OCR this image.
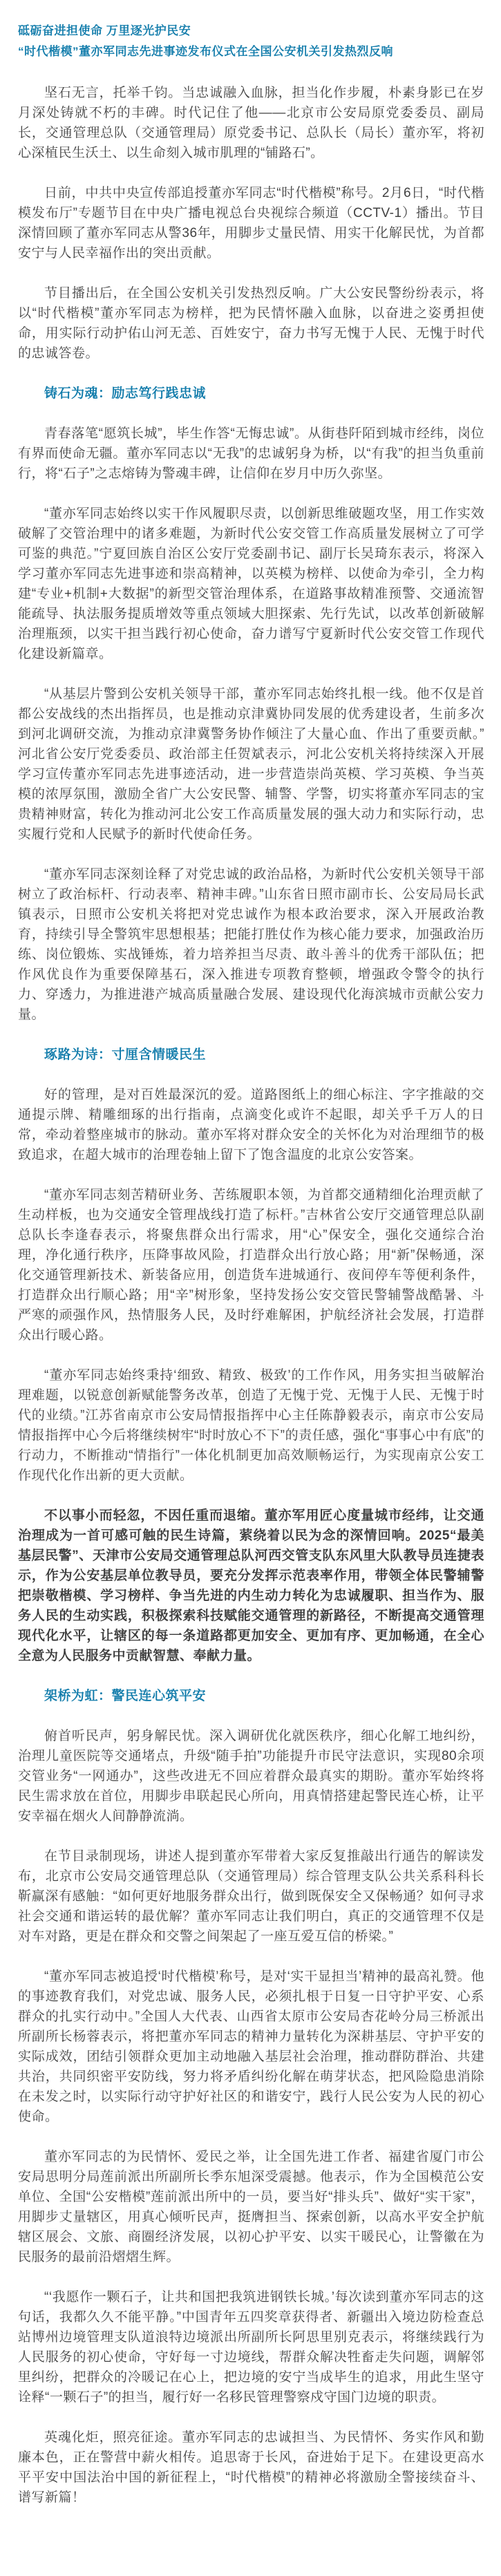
砥砺奋进担使命 万里逐光护民安
“时代楷模”董亦军同志先进事迹发布仪式在全国公安机关引发热烈反响

坚石无言，托举千钧。当忠诚融入血脉，担当化作步履，朴素身影已在岁月深处铸就不朽的丰碑。时代记住了他——北京市公安局原党委委员、副局长，交通管理总队（交通管理局）原党委书记、总队长（局长）董亦军，将初心深植民生沃土、以生命刻入城市肌理的“铺路石”。

日前，中共中央宣传部追授董亦军同志“时代楷模”称号。2月6日，“时代楷模发布厅”专题节目在中央广播电视总台央视综合频道（CCTV-1）播出。节目深情回顾了董亦军同志从警36年，用脚步丈量民情、用实干化解民忧，为首都安宁与人民幸福作出的突出贡献。

节目播出后，在全国公安机关引发热烈反响。广大公安民警纷纷表示，将以“时代楷模”董亦军同志为榜样，把为民情怀融入血脉，以奋进之姿勇担使命，用实际行动护佑山河无恙、百姓安宁，奋力书写无愧于人民、无愧于时代的忠诚答卷。

铸石为魂：励志笃行践忠诚

青春落笔“愿筑长城”，毕生作答“无悔忠诚”。从街巷阡陌到城市经纬，岗位有界而使命无疆。董亦军同志以“无我”的忠诚躬身为桥，以“有我”的担当负重前行，将“石子”之志熔铸为警魂丰碑，让信仰在岁月中历久弥坚。

“董亦军同志始终以实干作风履职尽责，以创新思维破题攻坚，用工作实效破解了交管治理中的诸多难题，为新时代公安交管工作高质量发展树立了可学可鉴的典范。”宁夏回族自治区公安厅党委副书记、副厅长吴琦东表示，将深入学习董亦军同志先进事迹和崇高精神，以英模为榜样、以使命为牵引，全力构建“专业+机制+大数据”的新型交管治理体系，在道路事故精准预警、交通流智能疏导、执法服务提质增效等重点领域大胆探索、先行先试，以改革创新破解治理瓶颈，以实干担当践行初心使命，奋力谱写宁夏新时代公安交管工作现代化建设新篇章。

“从基层片警到公安机关领导干部，董亦军同志始终扎根一线。他不仅是首都公安战线的杰出指挥员，也是推动京津冀协同发展的优秀建设者，生前多次到河北调研交流，为推动京津冀警务协作倾注了大量心血、作出了重要贡献。”河北省公安厅党委委员、政治部主任贺斌表示，河北公安机关将持续深入开展学习宣传董亦军同志先进事迹活动，进一步营造崇尚英模、学习英模、争当英模的浓厚氛围，激励全省广大公安民警、辅警、学警，切实将董亦军同志的宝贵精神财富，转化为推动河北公安工作高质量发展的强大动力和实际行动，忠实履行党和人民赋予的新时代使命任务。

“董亦军同志深刻诠释了对党忠诚的政治品格，为新时代公安机关领导干部树立了政治标杆、行动表率、精神丰碑。”山东省日照市副市长、公安局局长武镇表示，日照市公安机关将把对党忠诚作为根本政治要求，深入开展政治教育，持续引导全警筑牢思想根基；把能打胜仗作为核心能力要求，加强政治历练、岗位锻炼、实战锤炼，着力培养担当尽责、敢斗善斗的优秀干部队伍；把作风优良作为重要保障基石，深入推进专项教育整顿，增强政令警令的执行力、穿透力，为推进港产城高质量融合发展、建设现代化海滨城市贡献公安力量。

琢路为诗：寸厘含情暖民生

好的管理，是对百姓最深沉的爱。道路图纸上的细心标注、字字推敲的交通提示牌、精雕细琢的出行指南，点滴变化或许不起眼，却关乎千万人的日常，牵动着整座城市的脉动。董亦军将对群众安全的关怀化为对治理细节的极致追求，在超大城市的治理卷轴上留下了饱含温度的北京公安答案。

“董亦军同志刻苦精研业务、苦练履职本领，为首都交通精细化治理贡献了生动样板，也为交通安全管理战线打造了标杆。”吉林省公安厅交通管理总队副总队长李逢春表示，将聚焦群众出行需求，用“心”保安全，强化交通综合治理，净化通行秩序，压降事故风险，打造群众出行放心路；用“新”保畅通，深化交通管理新技术、新装备应用，创造货车进城通行、夜间停车等便利条件，打造群众出行顺心路；用“辛”树形象，坚持发扬公安交管民警辅警战酷暑、斗严寒的顽强作风，热情服务人民，及时纾难解困，护航经济社会发展，打造群众出行暖心路。

“董亦军同志始终秉持‘细致、精致、极致’的工作作风，用务实担当破解治理难题，以锐意创新赋能警务改革，创造了无愧于党、无愧于人民、无愧于时代的业绩。”江苏省南京市公安局情报指挥中心主任陈静毅表示，南京市公安局情报指挥中心今后将继续树牢“时时放心不下”的责任感，强化“事事心中有底”的行动力，不断推动“情指行”一体化机制更加高效顺畅运行，为实现南京公安工作现代化作出新的更大贡献。

不以事小而轻忽，不因任重而退缩。董亦军用匠心度量城市经纬，让交通治理成为一首可感可触的民生诗篇，萦绕着以民为念的深情回响。2025“最美基层民警”、天津市公安局交通管理总队河西交管支队东风里大队教导员连捷表示，作为公安基层单位教导员，要充分发挥示范表率作用，带领全体民警辅警把崇敬楷模、学习榜样、争当先进的内生动力转化为忠诚履职、担当作为、服务人民的生动实践，积极探索科技赋能交通管理的新路径，不断提高交通管理现代化水平，让辖区的每一条道路都更加安全、更加有序、更加畅通，在全心全意为人民服务中贡献智慧、奉献力量。

架桥为虹：警民连心筑平安

俯首听民声，躬身解民忧。深入调研优化就医秩序，细心化解工地纠纷，治理儿童医院等交通堵点，升级“随手拍”功能提升市民守法意识，实现80余项交管业务“一网通办”，这些改进无不回应着群众最真实的期盼。董亦军始终将民生需求放在首位，用脚步串联起民心所向，用真情搭建起警民连心桥，让平安幸福在烟火人间静静流淌。

在节目录制现场，讲述人提到董亦军带着大家反复推敲出行通告的解读发布，北京市公安局交通管理总队（交通管理局）综合管理支队公共关系科科长靳赢深有感触：“如何更好地服务群众出行，做到既保安全又保畅通？如何寻求社会交通和谐运转的最优解？董亦军同志让我们明白，真正的交通管理不仅是对车对路，更是在群众和交警之间架起了一座互爱互信的桥梁。”

“董亦军同志被追授‘时代楷模’称号，是对‘实干显担当’精神的最高礼赞。他的事迹教育我们，对党忠诚、服务人民，必须扎根于日复一日守护平安、心系群众的扎实行动中。”全国人大代表、山西省太原市公安局杏花岭分局三桥派出所副所长杨蓉表示，将把董亦军同志的精神力量转化为深耕基层、守护平安的实际成效，团结引领群众更加主动地融入基层社会治理，推动群防群治、共建共治，共同织密平安防线，努力将矛盾纠纷化解在萌芽状态，把风险隐患消除在未发之时，以实际行动守护好社区的和谐安宁，践行人民公安为人民的初心使命。

董亦军同志的为民情怀、爱民之举，让全国先进工作者、福建省厦门市公安局思明分局莲前派出所副所长季东旭深受震撼。他表示，作为全国模范公安单位、全国“公安楷模”莲前派出所中的一员，要当好“排头兵”、做好“实干家”，用脚步丈量辖区，用真心倾听民声，挺膺担当、探索创新，以高水平安全护航辖区展会、文旅、商圈经济发展，以初心护平安、以实干暖民心，让警徽在为民服务的最前沿熠熠生辉。

“‘我愿作一颗石子，让共和国把我筑进钢铁长城。’每次读到董亦军同志的这句话，我都久久不能平静。”中国青年五四奖章获得者、新疆出入境边防检查总站博州边境管理支队道浪特边境派出所副所长阿思里别克表示，将继续践行为人民服务的初心使命，守好每一寸边境线，帮群众解决牲畜走失问题，调解邻里纠纷，把群众的冷暖记在心上，把边境的安宁当成毕生的追求，用此生坚守诠释“一颗石子”的担当，履行好一名移民管理警察戍守国门边境的职责。

英魂化炬，照亮征途。董亦军同志的忠诚担当、为民情怀、务实作风和勤廉本色，正在警营中薪火相传。追思寄于长风，奋进始于足下。在建设更高水平平安中国法治中国的新征程上，“时代楷模”的精神必将激励全警接续奋斗、谱写新篇！
